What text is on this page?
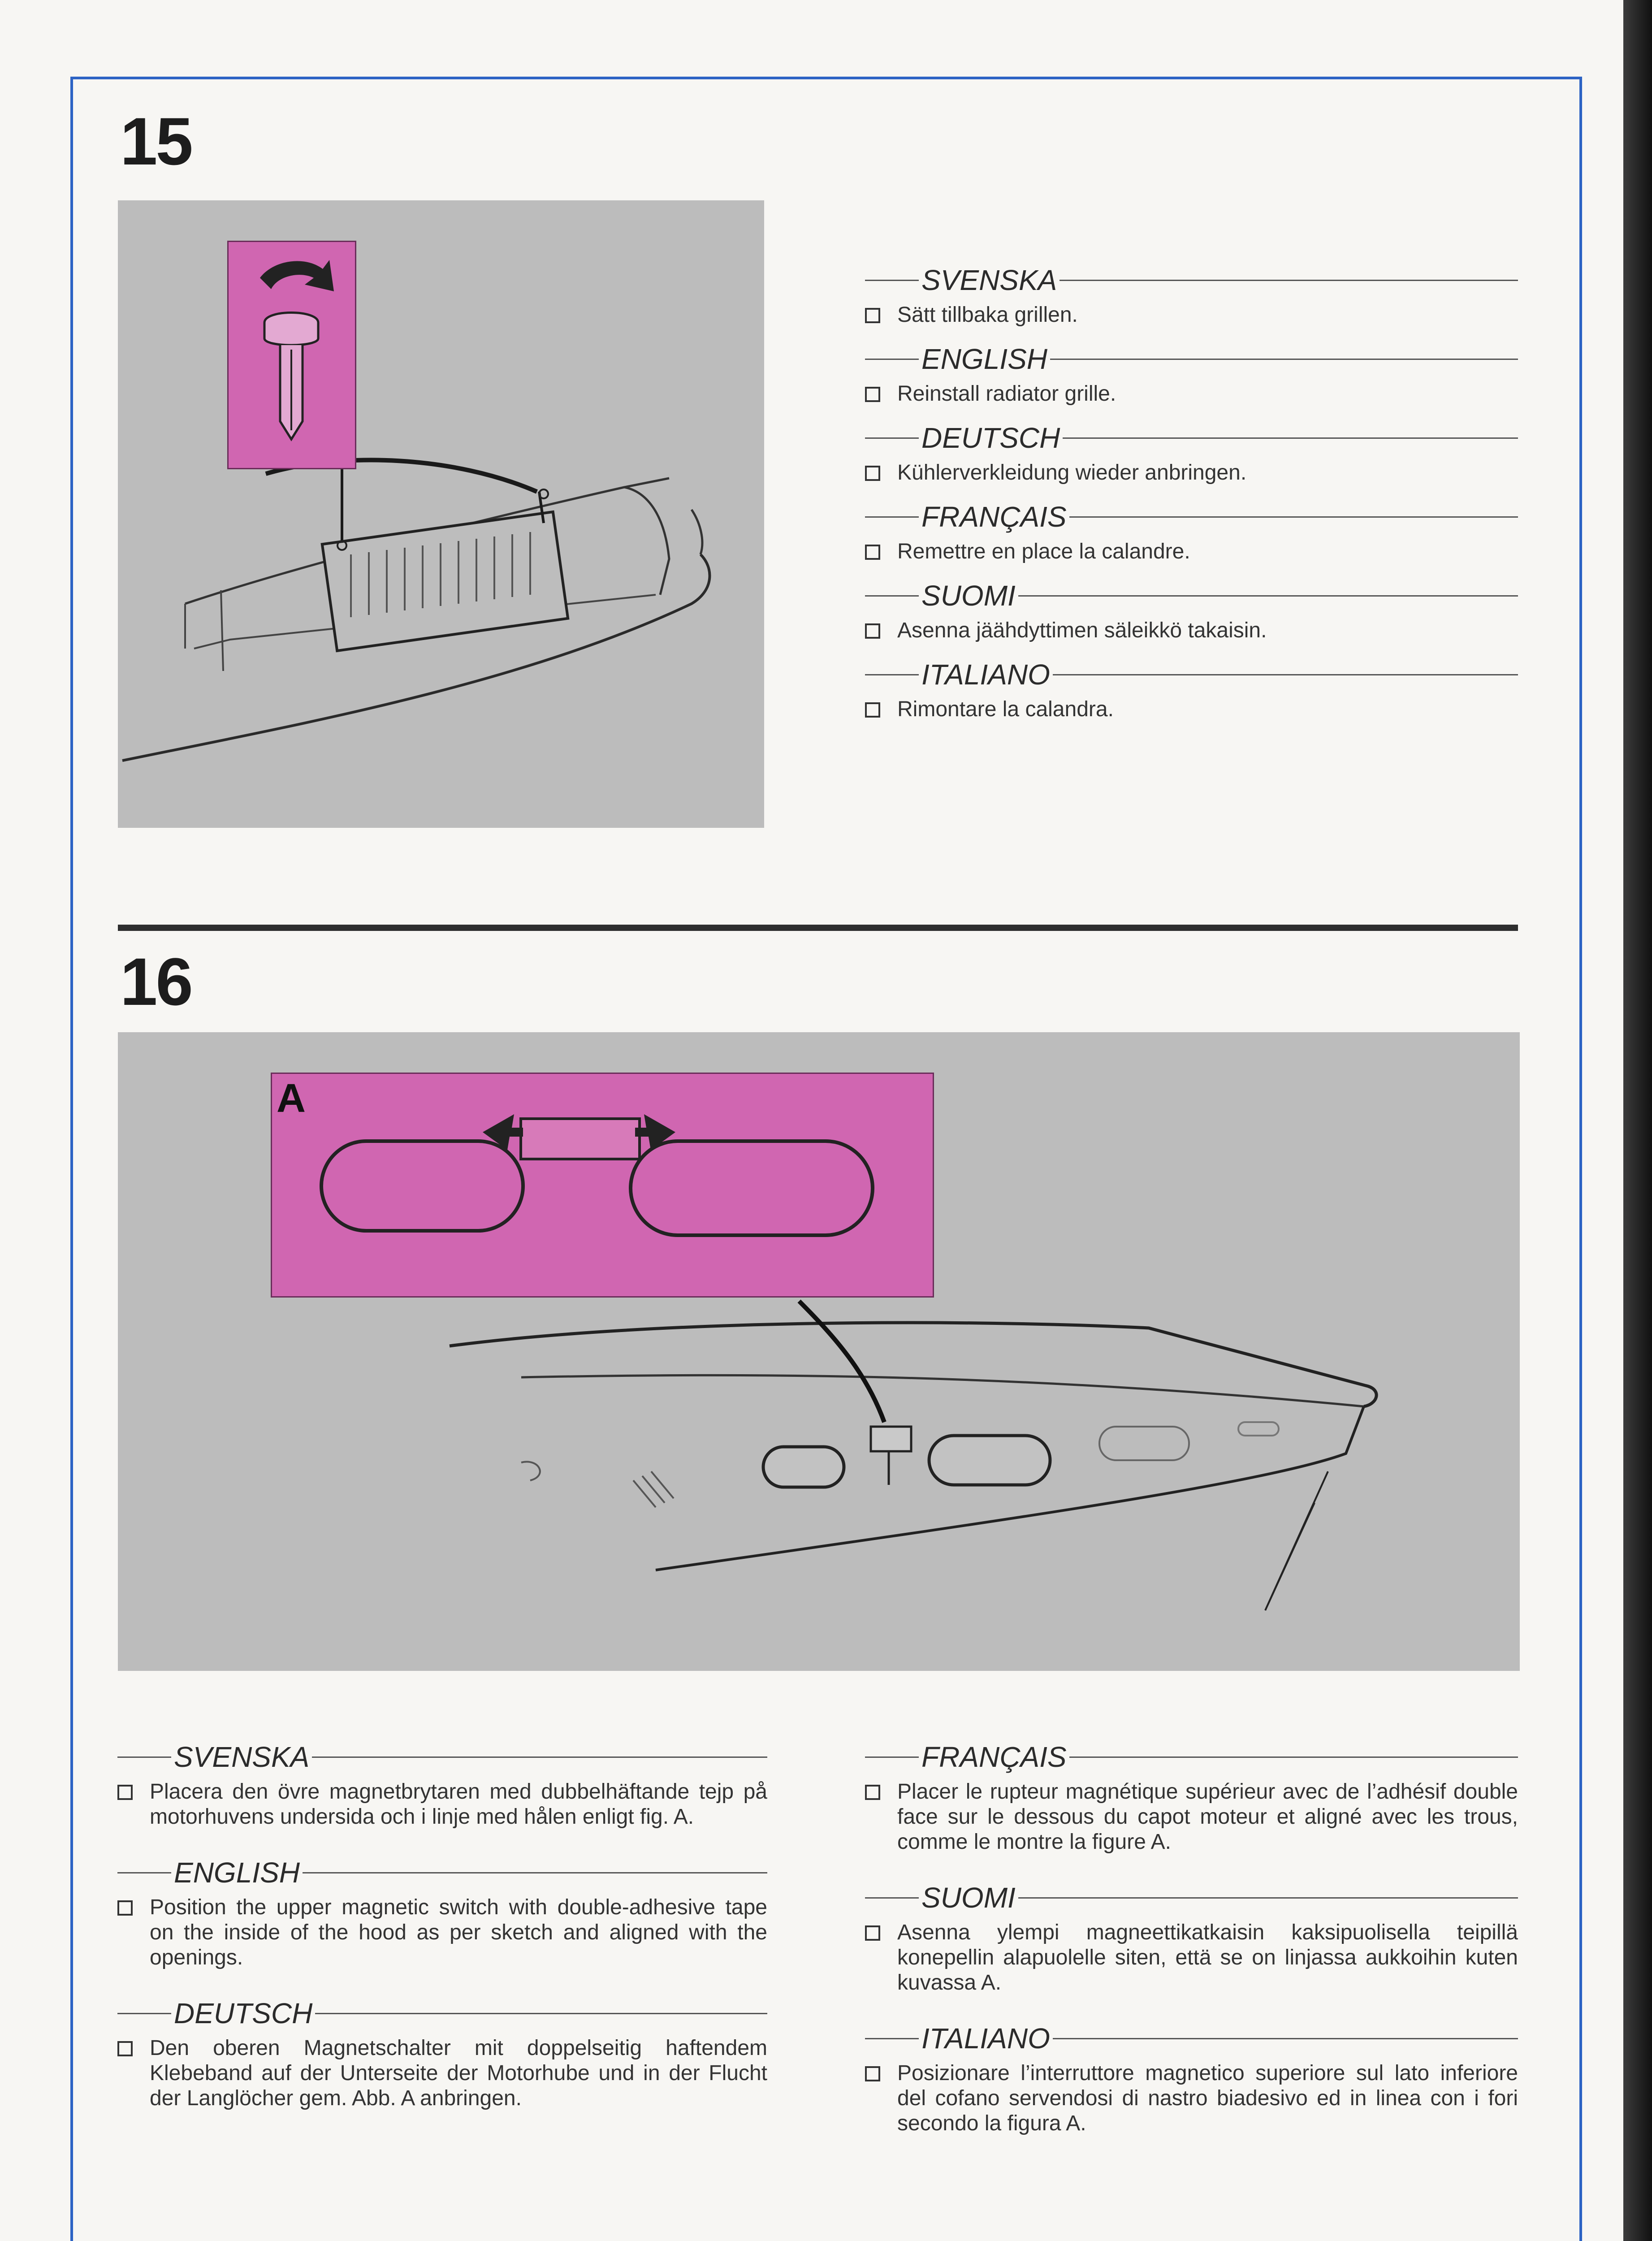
15
SVENSKA
Sätt tillbaka grillen.
ENGLISH
Reinstall radiator grille.
DEUTSCH
Kühlerverkleidung wieder anbringen.
FRANÇAIS
Remettre en place la calandre.
SUOMI
Asenna jäähdyttimen säleikkö takaisin.
ITALIANO
Rimontare la calandra.
16
A
SVENSKA
Placera den övre magnetbrytaren med dubbelhäftande tejp på motorhuvens undersida och i linje med hålen enligt fig. A.
ENGLISH
Position the upper magnetic switch with double-adhesive tape on the inside of the hood as per sketch and aligned with the openings.
DEUTSCH
Den oberen Magnetschalter mit doppelseitig haftendem Klebeband auf der Unterseite der Motorhube und in der Flucht der Langlöcher gem. Abb. A anbringen.
FRANÇAIS
Placer le rupteur magnétique supérieur avec de l’adhésif double face sur le dessous du capot moteur et aligné avec les trous, comme le montre la figure A.
SUOMI
Asenna ylempi magneettikatkaisin kaksipuolisella teipillä konepellin alapuolelle siten, että se on linjassa aukkoihin kuten kuvassa A.
ITALIANO
Posizionare l’interruttore magnetico superiore sul lato inferiore del cofano servendosi di nastro biadesivo ed in linea con i fori secondo la figura A.
